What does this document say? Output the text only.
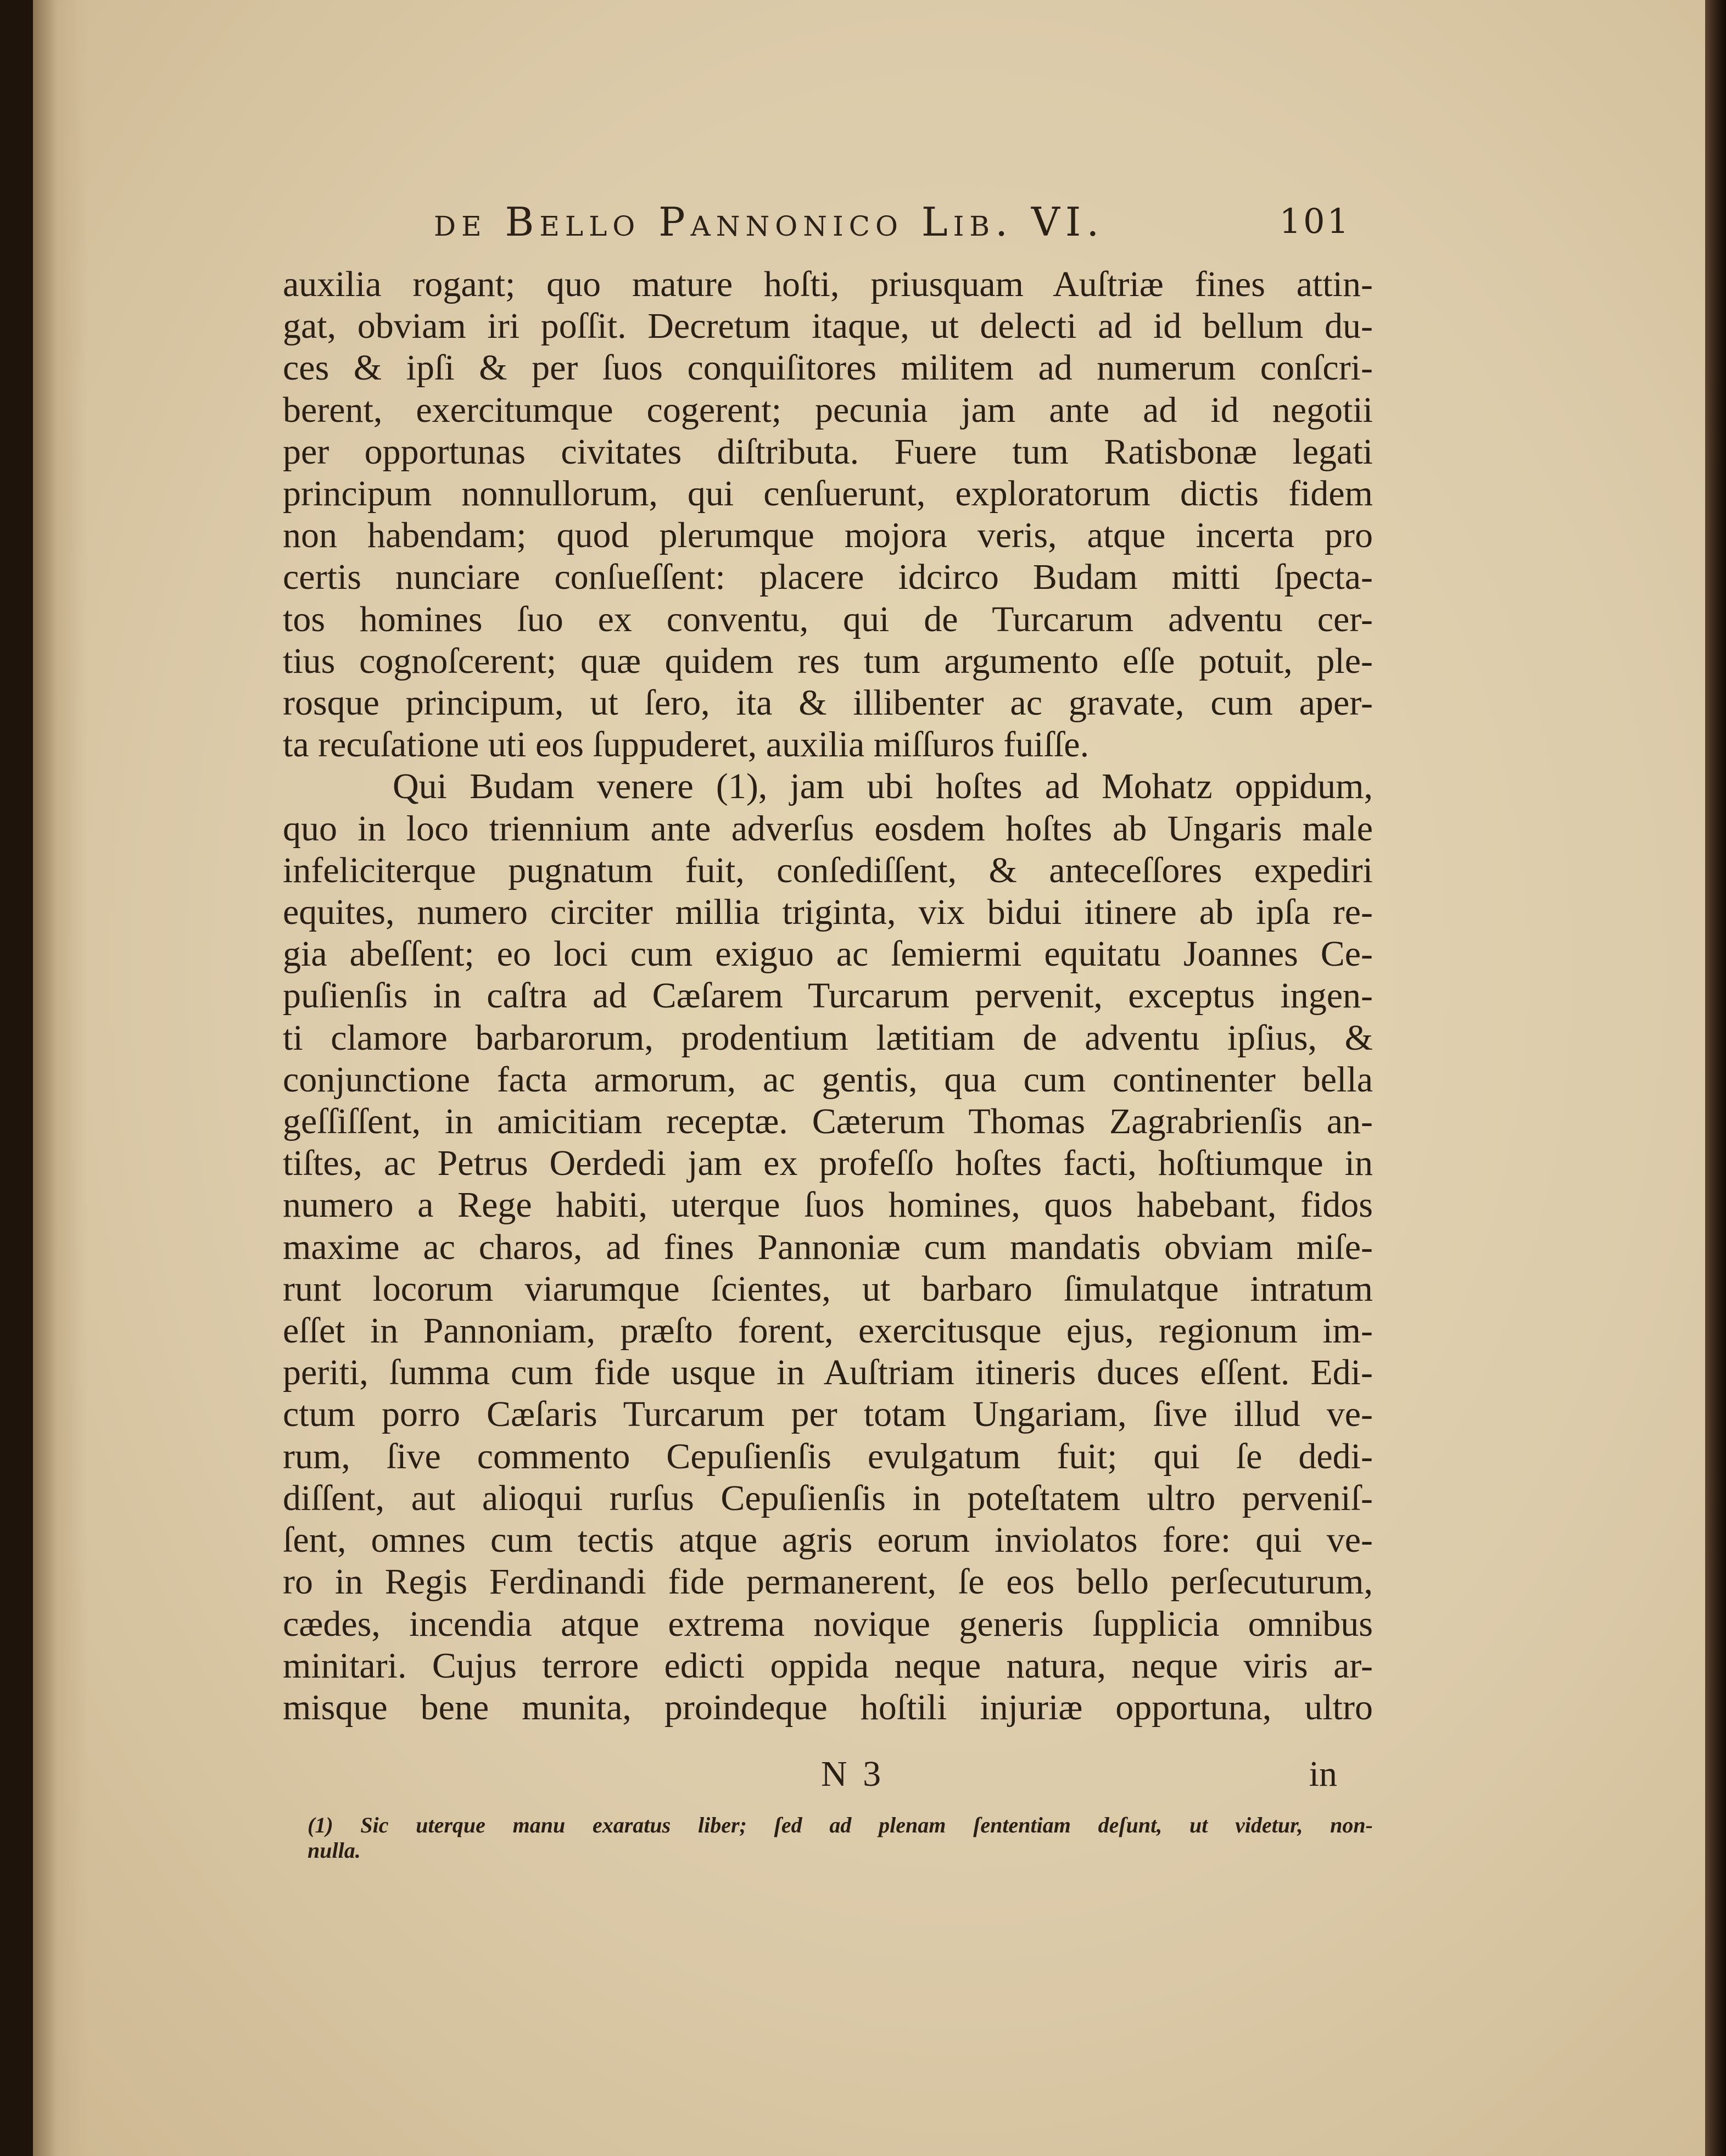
de Bello Pannonico Lib. VI.	101
auxilia rogant; quo mature hoſti, priusquam Auſtriæ fines attin-
gat, obviam iri poſſit. Decretum itaque, ut delecti ad id bellum du-
ces & ipſi & per ſuos conquiſitores militem ad numerum conſcri-
berent, exercitumque cogerent; pecunia jam ante ad id negotii
per opportunas civitates diſtributa. Fuere tum Ratisbonæ legati
principum nonnullorum, qui cenſuerunt, exploratorum dictis fidem
non habendam; quod plerumque mojora veris, atque incerta pro
certis nunciare conſueſſent: placere idcirco Budam mitti ſpecta-
tos homines ſuo ex conventu, qui de Turcarum adventu cer-
tius cognoſcerent; quæ quidem res tum argumento eſſe potuit, ple-
rosque principum, ut ſero, ita & illibenter ac gravate, cum aper-
ta recuſatione uti eos ſuppuderet, auxilia miſſuros fuiſſe.
Qui Budam venere (1), jam ubi hoſtes ad Mohatz oppidum,
quo in loco triennium ante adverſus eosdem hoſtes ab Ungaris male
infeliciterque pugnatum fuit, conſediſſent, & anteceſſores expediri
equites, numero circiter millia triginta, vix bidui itinere ab ipſa re-
gia abeſſent; eo loci cum exiguo ac ſemiermi equitatu Joannes Ce-
puſienſis in caſtra ad Cæſarem Turcarum pervenit, exceptus ingen-
ti clamore barbarorum, prodentium lætitiam de adventu ipſius, &
conjunctione facta armorum, ac gentis, qua cum continenter bella
geſſiſſent, in amicitiam receptæ. Cæterum Thomas Zagrabrienſis an-
tiſtes, ac Petrus Oerdedi jam ex profeſſo hoſtes facti, hoſtiumque in
numero a Rege habiti, uterque ſuos homines, quos habebant, fidos
maxime ac charos, ad fines Pannoniæ cum mandatis obviam miſe-
runt locorum viarumque ſcientes, ut barbaro ſimulatque intratum
eſſet in Pannoniam, præſto forent, exercitusque ejus, regionum im-
periti, ſumma cum fide usque in Auſtriam itineris duces eſſent. Edi-
ctum porro Cæſaris Turcarum per totam Ungariam, ſive illud ve-
rum, ſive commento Cepuſienſis evulgatum fuit; qui ſe dedi-
diſſent, aut alioqui rurſus Cepuſienſis in poteſtatem ultro perveniſ-
ſent, omnes cum tectis atque agris eorum inviolatos fore: qui ve-
ro in Regis Ferdinandi fide permanerent, ſe eos bello perſecuturum,
cædes, incendia atque extrema novique generis ſupplicia omnibus
minitari. Cujus terrore edicti oppida neque natura, neque viris ar-
misque bene munita, proindeque hoſtili injuriæ opportuna, ultro
N 3	in
(1) Sic uterque manu exaratus liber; ſed ad plenam ſententiam deſunt, ut videtur, non-
nulla.
